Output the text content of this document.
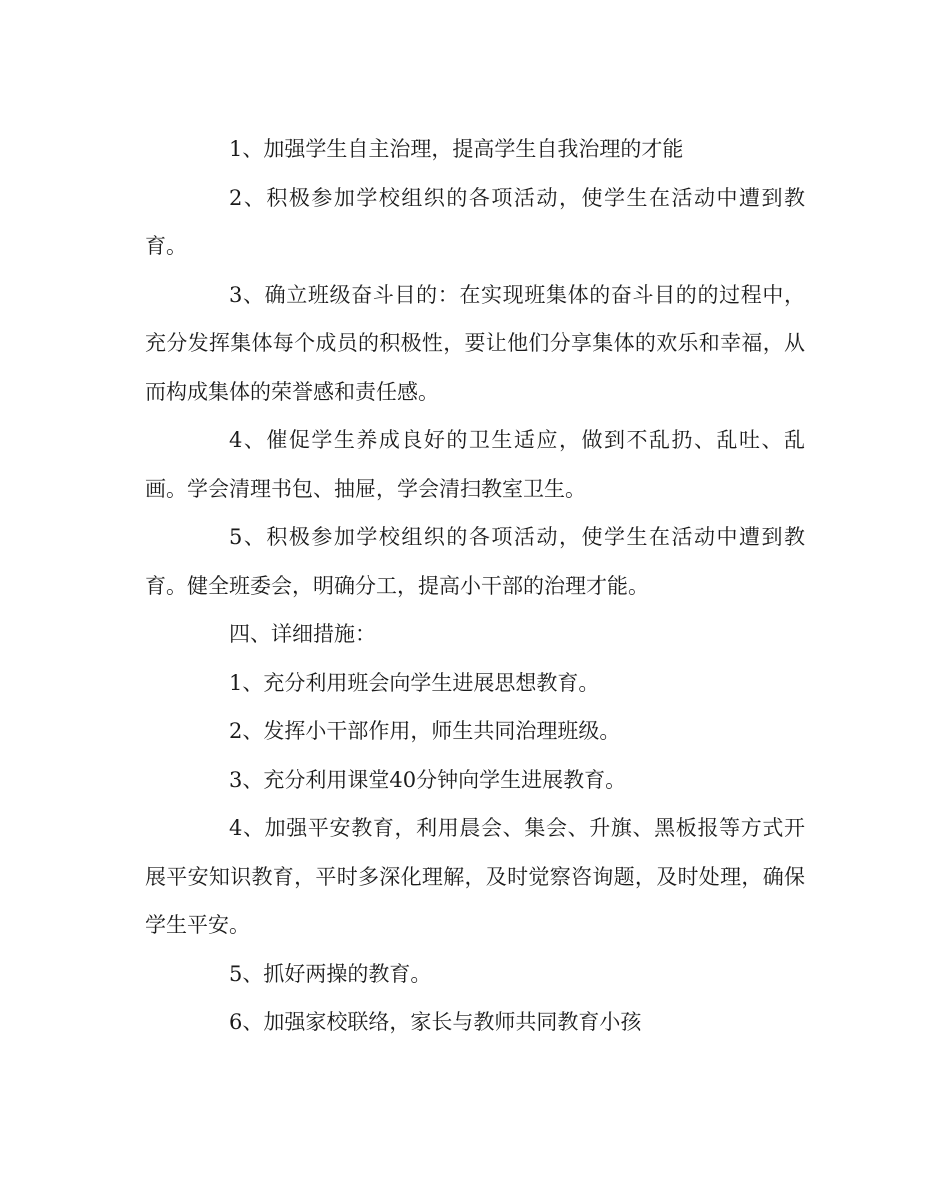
1、加强学生自主治理，提高学生自我治理的才能

2、积极参加学校组织的各项活动，使学生在活动中遭到教育。

3、确立班级奋斗目的：在实现班集体的奋斗目的的过程中，充分发挥集体每个成员的积极性，要让他们分享集体的欢乐和幸福，从而构成集体的荣誉感和责任感。

4、催促学生养成良好的卫生适应，做到不乱扔、乱吐、乱画。学会清理书包、抽屉，学会清扫教室卫生。

5、积极参加学校组织的各项活动，使学生在活动中遭到教育。健全班委会，明确分工，提高小干部的治理才能。

四、详细措施：

1、充分利用班会向学生进展思想教育。

2、发挥小干部作用，师生共同治理班级。

3、充分利用课堂40分钟向学生进展教育。

4、加强平安教育，利用晨会、集会、升旗、黑板报等方式开展平安知识教育，平时多深化理解，及时觉察咨询题，及时处理，确保学生平安。

5、抓好两操的教育。

6、加强家校联络，家长与教师共同教育小孩
